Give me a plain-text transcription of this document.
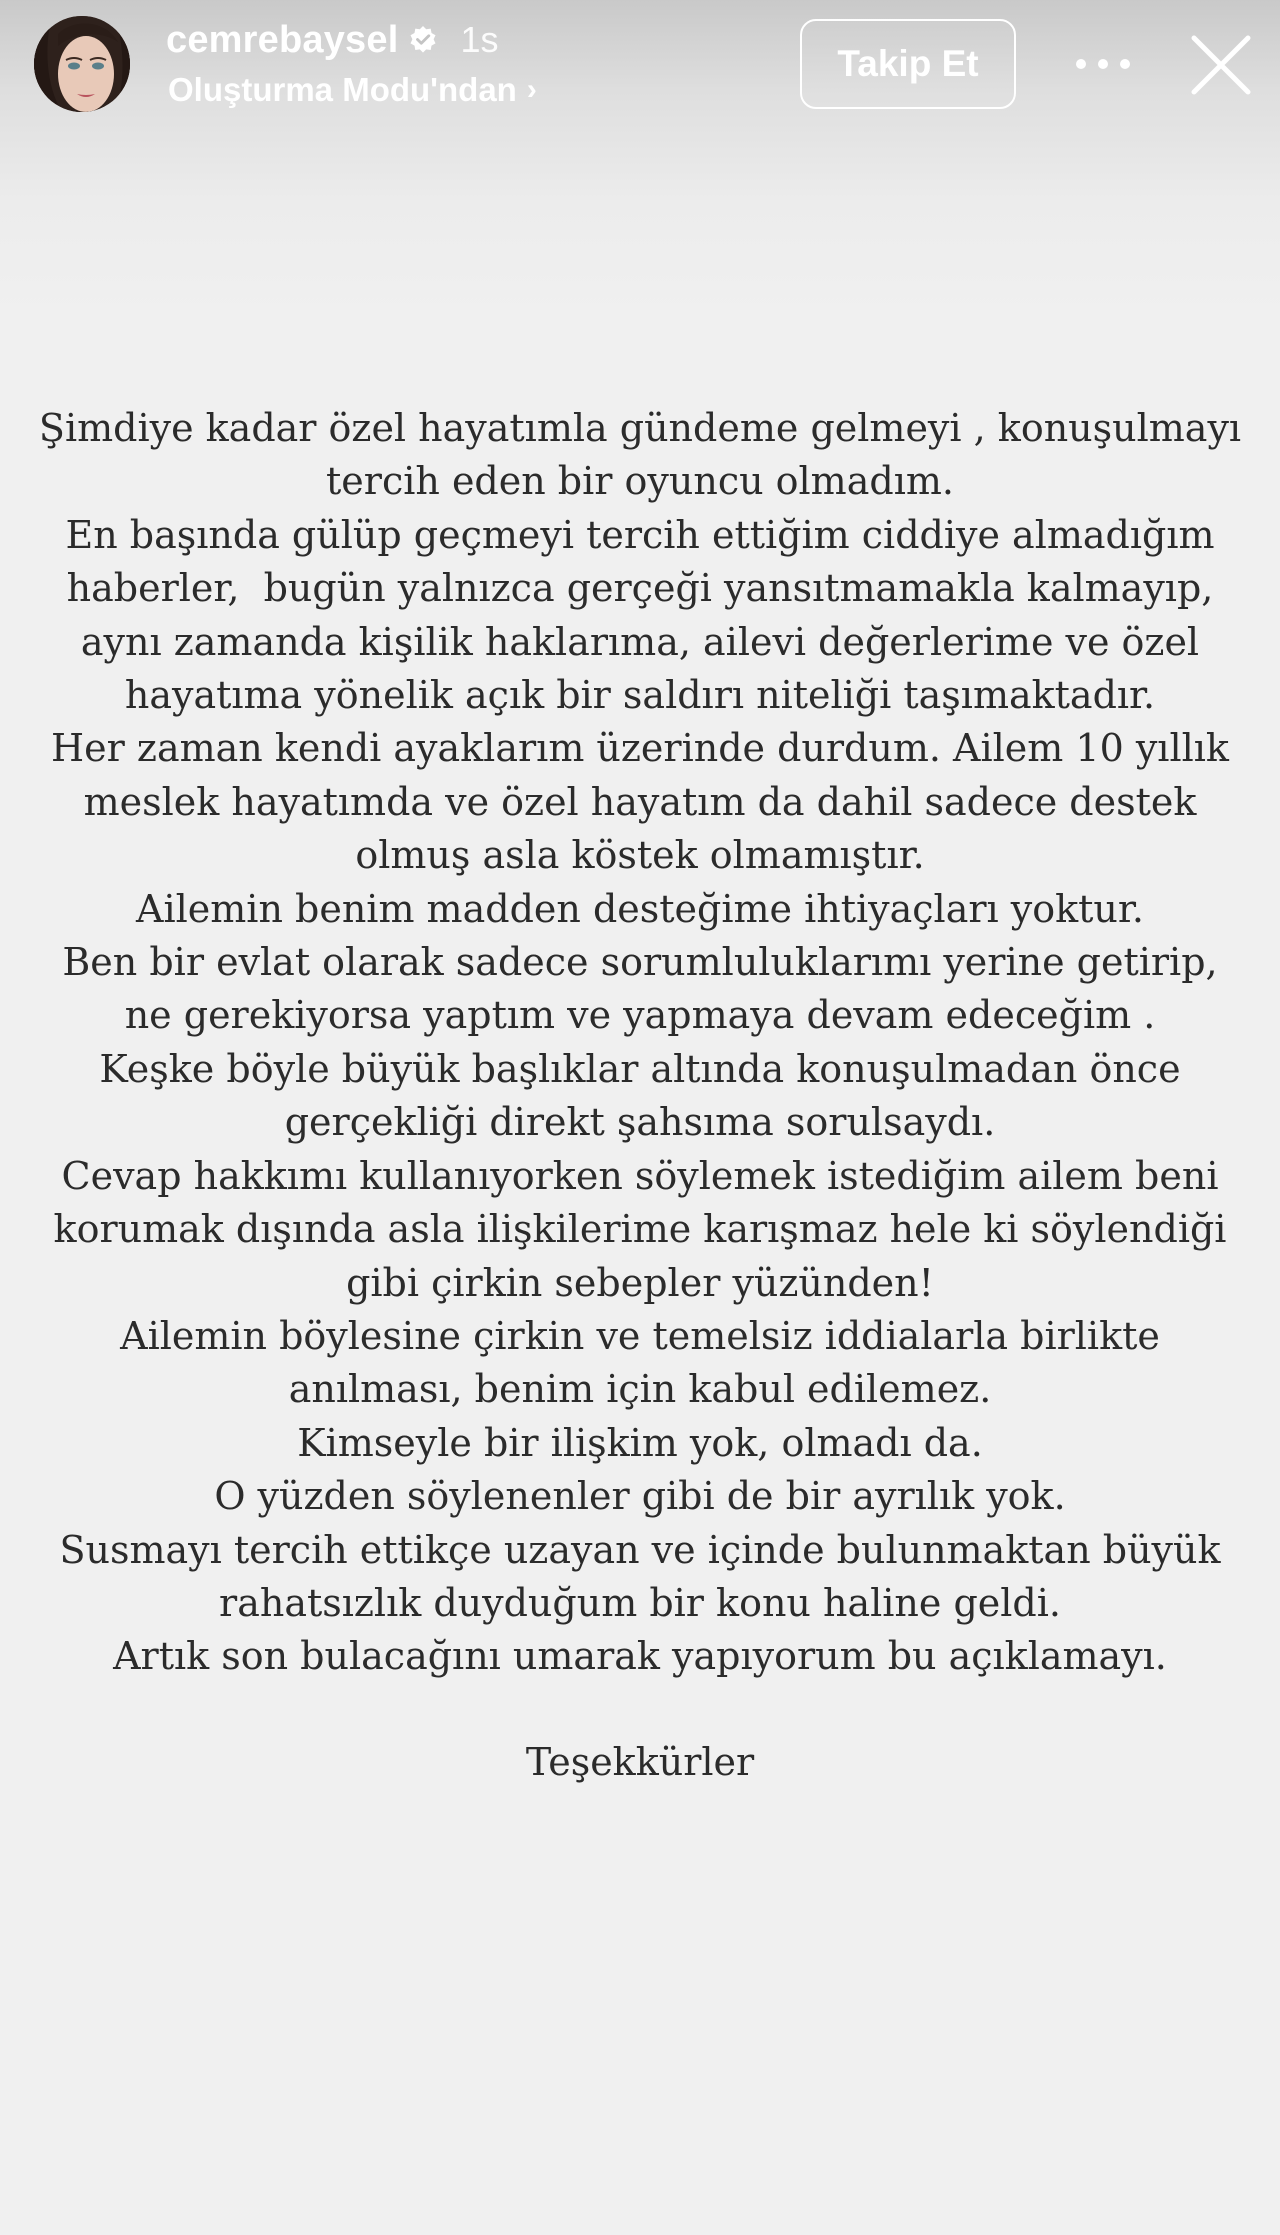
cemrebaysel 1s
Oluşturma Modu'ndan ›
Takip Et
Şimdiye kadar özel hayatımla gündeme gelmeyi , konuşulmayı
tercih eden bir oyuncu olmadım.
En başında gülüp geçmeyi tercih ettiğim ciddiye almadığım
haberler,  bugün yalnızca gerçeği yansıtmamakla kalmayıp,
aynı zamanda kişilik haklarıma, ailevi değerlerime ve özel
hayatıma yönelik açık bir saldırı niteliği taşımaktadır.
Her zaman kendi ayaklarım üzerinde durdum. Ailem 10 yıllık
meslek hayatımda ve özel hayatım da dahil sadece destek
olmuş asla köstek olmamıştır.
Ailemin benim madden desteğime ihtiyaçları yoktur.
Ben bir evlat olarak sadece sorumluluklarımı yerine getirip,
ne gerekiyorsa yaptım ve yapmaya devam edeceğim .
Keşke böyle büyük başlıklar altında konuşulmadan önce
gerçekliği direkt şahsıma sorulsaydı.
Cevap hakkımı kullanıyorken söylemek istediğim ailem beni
korumak dışında asla ilişkilerime karışmaz hele ki söylendiği
gibi çirkin sebepler yüzünden!
Ailemin böylesine çirkin ve temelsiz iddialarla birlikte
anılması, benim için kabul edilemez.
Kimseyle bir ilişkim yok, olmadı da.
O yüzden söylenenler gibi de bir ayrılık yok.
Susmayı tercih ettikçe uzayan ve içinde bulunmaktan büyük
rahatsızlık duyduğum bir konu haline geldi.
Artık son bulacağını umarak yapıyorum bu açıklamayı.
Teşekkürler
